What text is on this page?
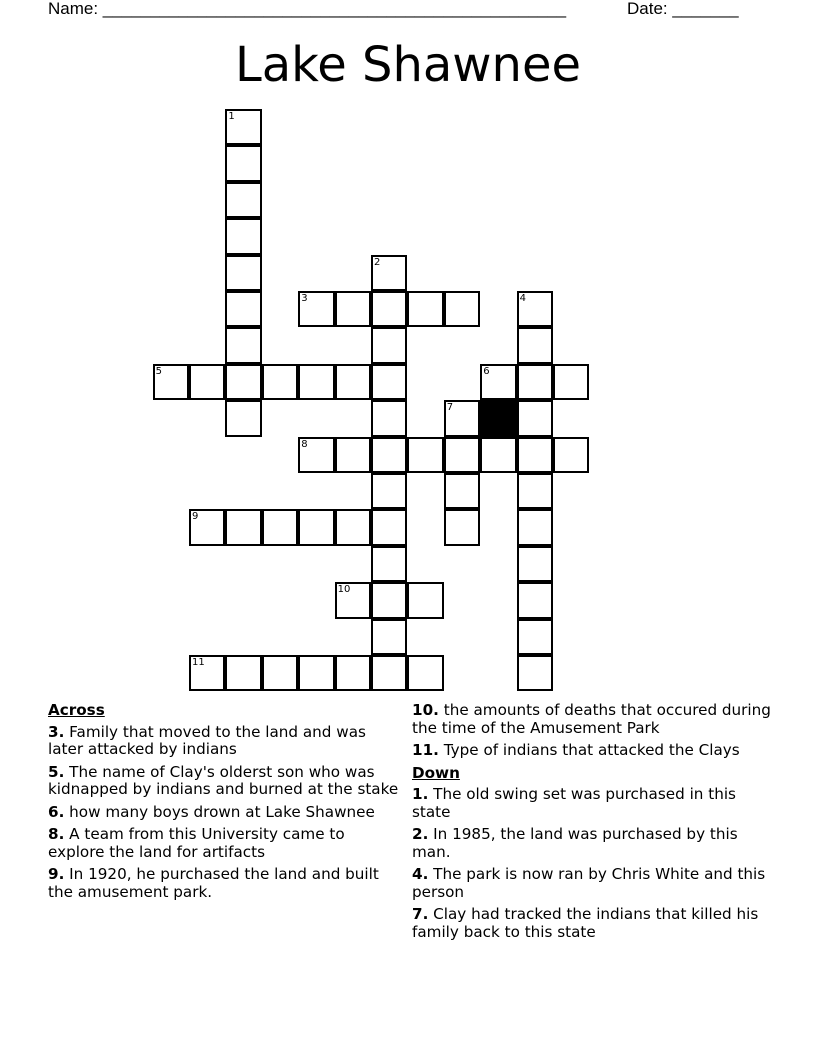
Name: _________________________________________________	Date: _______
Lake Shawnee
1
2
3	4
5	6
7
8
9
10
11
Across
3. Family that moved to the land and was later attacked by indians
5. The name of Clay's olderst son who was kidnapped by indians and burned at the stake
6. how many boys drown at Lake Shawnee
8. A team from this University came to explore the land for artifacts
9. In 1920, he purchased the land and built the amusement park.
10. the amounts of deaths that occured during the time of the Amusement Park
11. Type of indians that attacked the Clays
Down
1. The old swing set was purchased in this state
2. In 1985, the land was purchased by this man.
4. The park is now ran by Chris White and this person
7. Clay had tracked the indians that killed his family back to this state
